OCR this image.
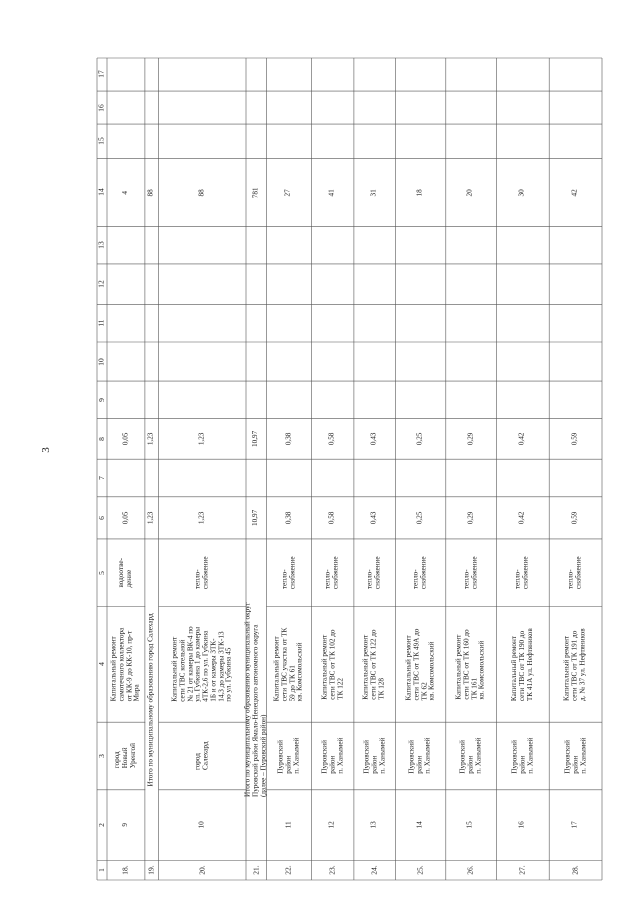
3
1
2
3
4
5
6
7
8
9
10
11
12
13
14
15
16
17
18.
9
город
Новый
Уренгой
Капитальный ремонт
самотечного коллектора
от КК-9 до КК-10, пр-т
Мира
водоотве-
дение
0,05
0,05
4
19.
Итого по муниципальному образованию город Салехард
1,23
1,23
88
20.
10
город
Салехард
Капитальный ремонт
сети ТВС котельной
№ 21 от камеры ВК-4 по
ул. Губкина 1 до камеры
4ТК-2,6 по ул. Губкина
1Б и от камеры 3ТК-
14,3 до камеры 3ТК-13
по ул. Губкина 45
тепло-
снабжение
1,23
1,23
88
21.
Итого по муниципальному образованию муниципальный округ
Пуровский район Ямало-Ненецкого автономного округа
(далее – Пуровский район)
10,97
10,97
781
22.
11
Пуровский
район
п. Ханымей
Капитальный ремонт
сети ТВС участка от ТК
59 до ТК 61
кв. Комсомольский
тепло-
снабжение
0,38
0,38
27
23.
12
Пуровский
район
п. Ханымей
Капитальный ремонт
сети ТВС от ТК 102 до
ТК 122
тепло-
снабжение
0,58
0,58
41
24.
13
Пуровский
район
п. Ханымей
Капитальный ремонт
сети ТВС от ТК 122 до
ТК 128
тепло-
снабжение
0,43
0,43
31
25.
14
Пуровский
район
п. Ханымей
Капитальный ремонт
сети ТВС от ТК 49А до
ТК 62
кв. Комсомольский
тепло-
снабжение
0,25
0,25
18
26.
15
Пуровский
район
п. Ханымей
Капитальный ремонт
сети ТВС от ТК 160 до
ТК 161
кв. Комсомольский
тепло-
снабжение
0,29
0,29
20
27.
16
Пуровский
район
п. Ханымей
Капитальный ремонт
сети ТВС от ТК 190 до
ТК 41А ул. Нефтяников
тепло-
снабжение
0,42
0,42
30
28.
17
Пуровский
район
п. Ханымей
Капитальный ремонт
сети ТВС от ТК 191 до
д. № 37 ул. Нефтяников
тепло-
снабжение
0,59
0,59
42
